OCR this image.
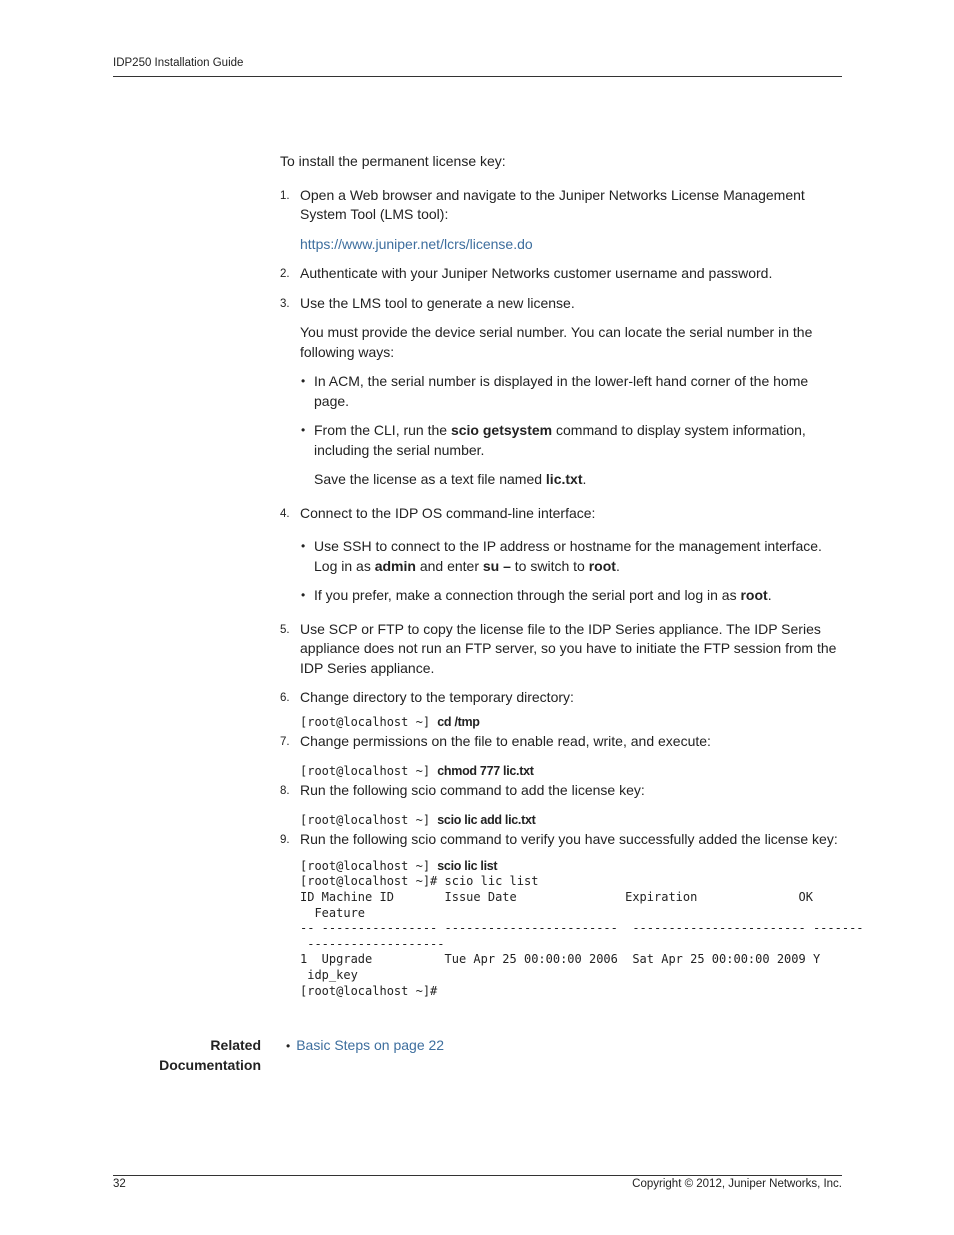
IDP250 Installation Guide

To install the permanent license key:

1. Open a Web browser and navigate to the Juniper Networks License Management System Tool (LMS tool):

https://www.juniper.net/lcrs/license.do

2. Authenticate with your Juniper Networks customer username and password.

3. Use the LMS tool to generate a new license.

You must provide the device serial number. You can locate the serial number in the following ways:

• In ACM, the serial number is displayed in the lower-left hand corner of the home page.
• From the CLI, run the scio getsystem command to display system information, including the serial number.

Save the license as a text file named lic.txt.

4. Connect to the IDP OS command-line interface:

• Use SSH to connect to the IP address or hostname for the management interface. Log in as admin and enter su – to switch to root.
• If you prefer, make a connection through the serial port and log in as root.
5. Use SCP or FTP to copy the license file to the IDP Series appliance. The IDP Series appliance does not run an FTP server, so you have to initiate the FTP session from the IDP Series appliance.

6. Change directory to the temporary directory:

[root@localhost ~] cd /tmp
7. Change permissions on the file to enable read, write, and execute:

[root@localhost ~] chmod 777 lic.txt
8. Run the following scio command to add the license key:

[root@localhost ~] scio lic add lic.txt
9. Run the following scio command to verify you have successfully added the license key:

[root@localhost ~] scio lic list
[root@localhost ~]# scio lic list
ID Machine ID       Issue Date               Expiration              OK
Feature
-- ---------------- ------------------------  ------------------------ -------
-------------------
1  Upgrade          Tue Apr 25 00:00:00 2006  Sat Apr 25 00:00:00 2009 Y
idp_key
[root@localhost ~]#
Related
Documentation
• Basic Steps on page 22
32	Copyright © 2012, Juniper Networks, Inc.
